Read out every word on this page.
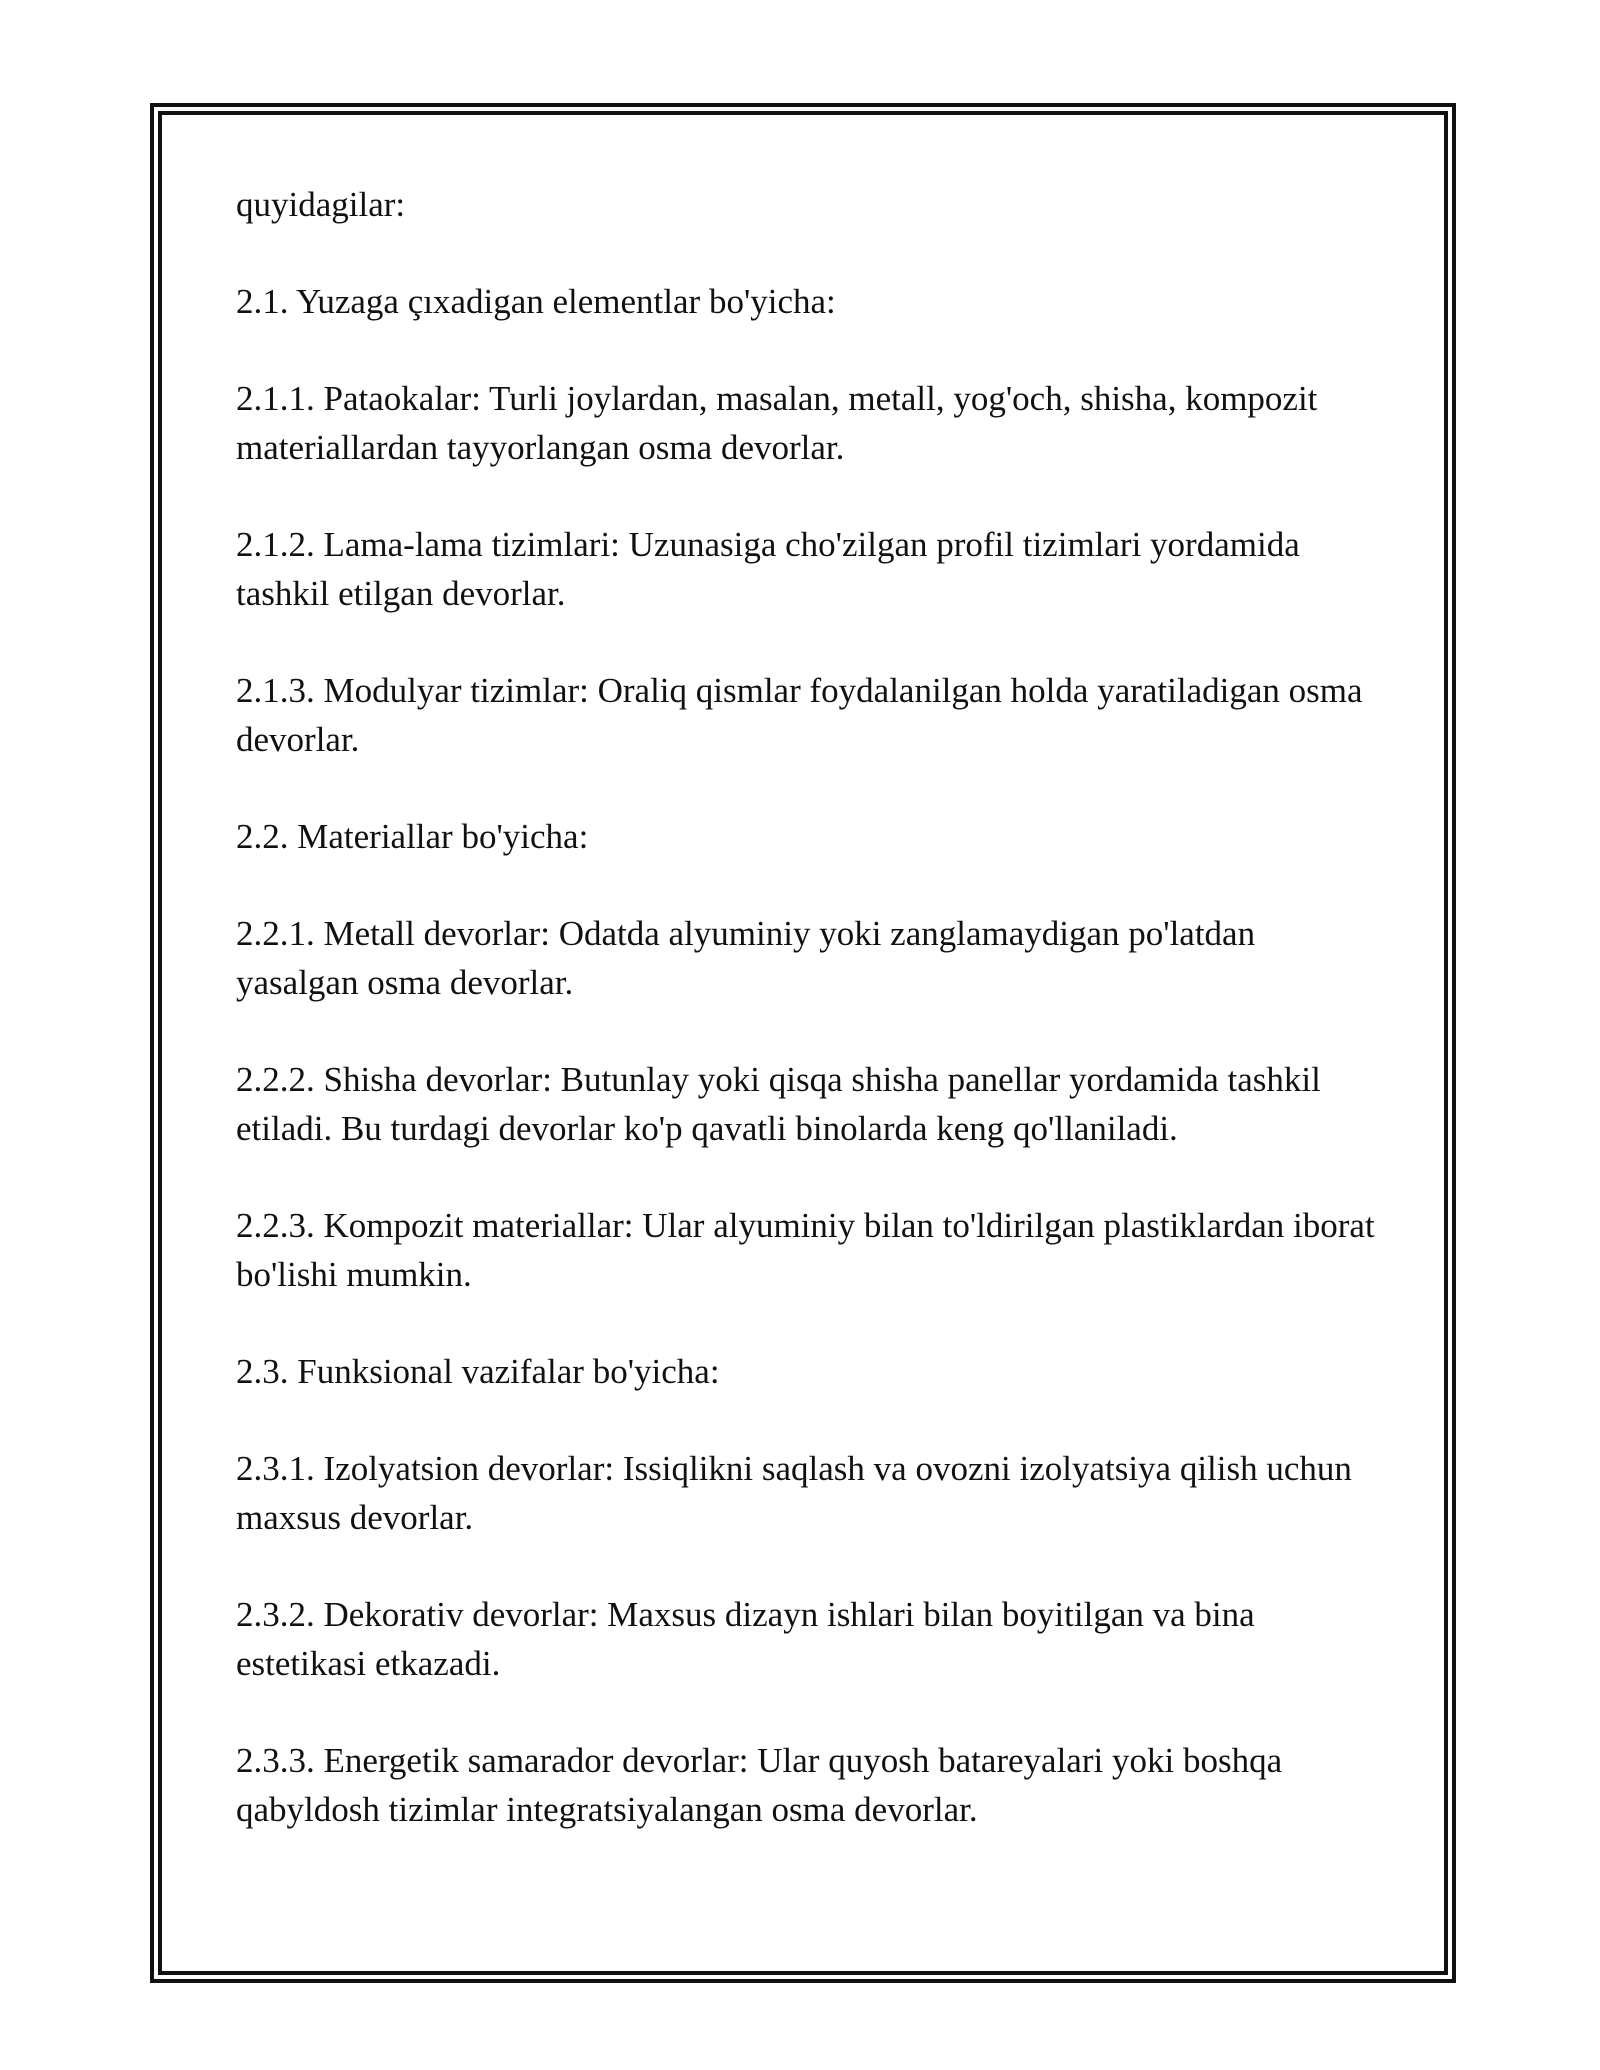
quyidagilar:

2.1. Yuzaga çıxadigan elementlar bo'yicha:

2.1.1. Pataokalar: Turli joylardan, masalan, metall, yog'och, shisha, kompozit materiallardan tayyorlangan osma devorlar.

2.1.2. Lama-lama tizimlari: Uzunasiga cho'zilgan profil tizimlari yordamida tashkil etilgan devorlar.

2.1.3. Modulyar tizimlar: Oraliq qismlar foydalanilgan holda yaratiladigan osma devorlar.

2.2. Materiallar bo'yicha:

2.2.1. Metall devorlar: Odatda alyuminiy yoki zanglamaydigan po'latdan yasalgan osma devorlar.

2.2.2. Shisha devorlar: Butunlay yoki qisqa shisha panellar yordamida tashkil etiladi. Bu turdagi devorlar ko'p qavatli binolarda keng qo'llaniladi.

2.2.3. Kompozit materiallar: Ular alyuminiy bilan to'ldirilgan plastiklardan iborat bo'lishi mumkin.

2.3. Funksional vazifalar bo'yicha:

2.3.1. Izolyatsion devorlar: Issiqlikni saqlash va ovozni izolyatsiya qilish uchun maxsus devorlar.

2.3.2. Dekorativ devorlar: Maxsus dizayn ishlari bilan boyitilgan va bina estetikasi etkazadi.

2.3.3. Energetik samarador devorlar: Ular quyosh batareyalari yoki boshqa qabyldosh tizimlar integratsiyalangan osma devorlar.
